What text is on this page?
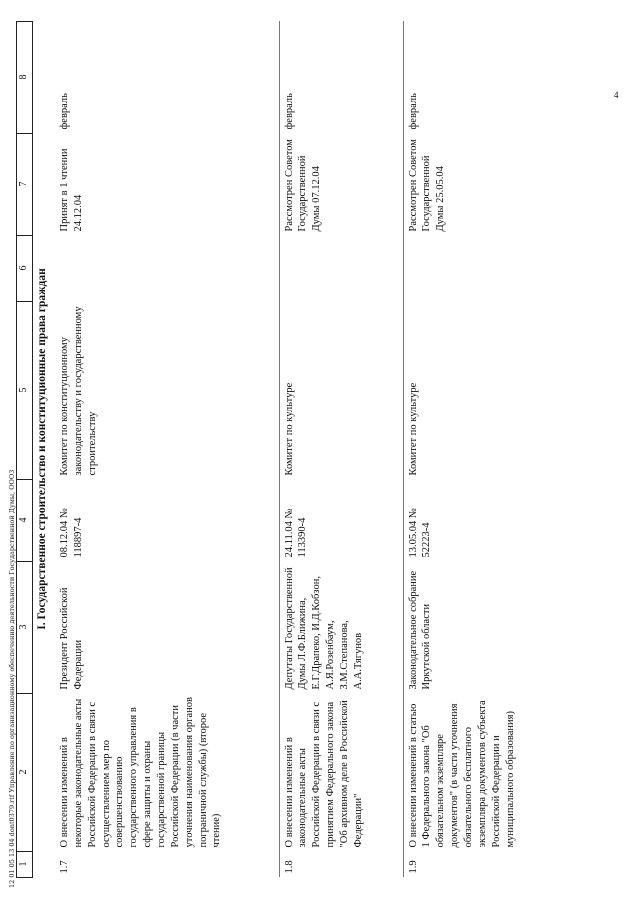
1	2	3	4	5	6	7	8
I. Государственное строительство и конституционные права граждан							
1.7	О внесении изменений в некоторые законодательные акты Российской Федерации в связи с осуществлением мер по совершенствованию государственного управления в сфере защиты и охраны государственной границы Российской Федерации (в части уточнения наименования органов пограничной службы) (второе чтение)	Президент Российской Федерации	08.12.04 № 118897-4	Комитет по конституционному законодательству и государственному строительству		Принят в 1 чтении 24.12.04	февраль
1.8	О внесении изменений в законодательные акты Российской Федерации в связи с принятием Федерального закона "Об архивном деле в Российской Федерации"	Депутаты Государственной Думы Л.Ф.Ближина, Е.Г.Драпеко, И.Д.Кобзон, А.Я.Розенбаум, З.М.Степанова, А.А.Тягунов	24.11.04 № 113390-4	Комитет по культуре		Рассмотрен Советом Государственной Думы 07.12.04	февраль
1.9	О внесении изменений в статью 1 Федерального закона "Об обязательном экземпляре документов" (в части уточнения обязательного бесплатного экземпляра документов субъекта Российской Федерации и муниципального образования)	Законодательное собрание Иркутской области	13.05.04 № 52223-4	Комитет по культуре		Рассмотрен Советом Государственной Думы 25.05.04	февраль
12 01 05 13 04 dont0379.rtf Управление по организационному обеспечению деятельности Государственной Думы, ООО3
4
